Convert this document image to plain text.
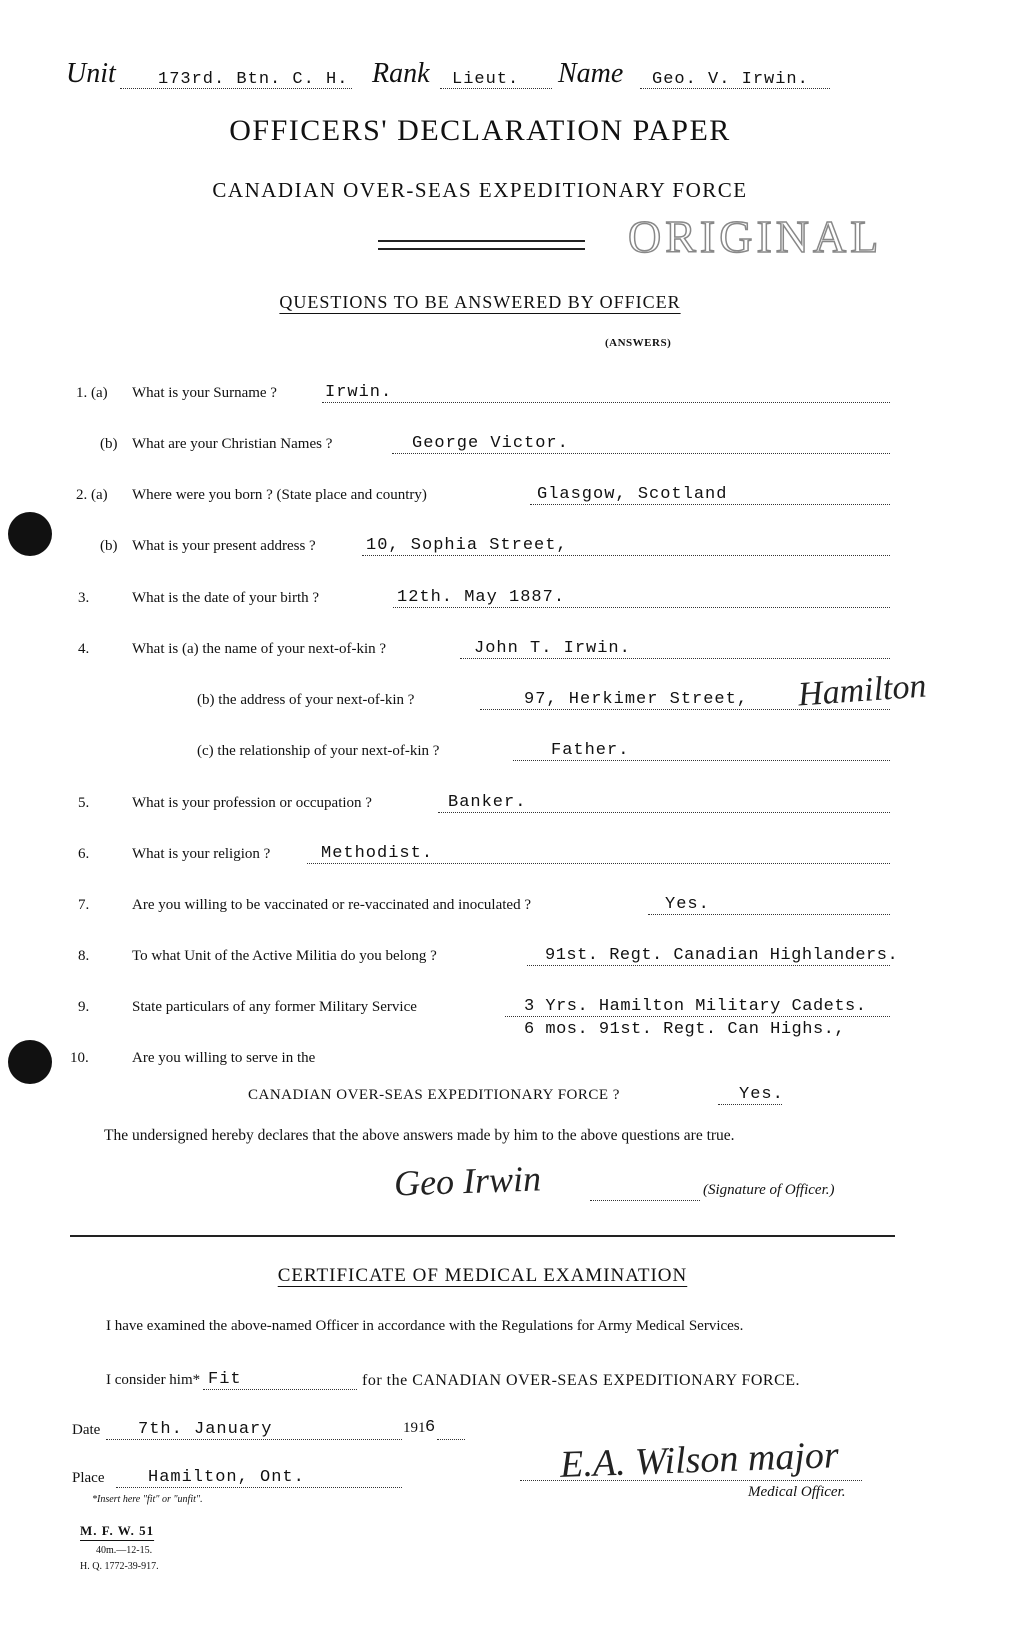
Unit 173rd. Btn. C. H. Rank Lieut. Name Geo. V. Irwin.
OFFICERS' DECLARATION PAPER
CANADIAN OVER-SEAS EXPEDITIONARY FORCE
ORIGINAL
QUESTIONS TO BE ANSWERED BY OFFICER
(ANSWERS)
1. (a) What is your Surname ?	Irwin.
(b) What are your Christian Names ?	George Victor.
2. (a) Where were you born ? (State place and country)	Glasgow, Scotland
(b) What is your present address ?	10, Sophia Street,
3.	What is the date of your birth ?	12th. May 1887.
4.	What is (a) the name of your next-of-kin ?	John T. Irwin.
(b) the address of your next-of-kin ?	97, Herkimer Street, Hamilton
(c) the relationship of your next-of-kin ?	Father.
5.	What is your profession or occupation ?	Banker.
6.	What is your religion ?	Methodist.
7.	Are you willing to be vaccinated or re-vaccinated and inoculated ?	Yes.
8.	To what Unit of the Active Militia do you belong ?	91st. Regt. Canadian Highlanders.
9.	State particulars of any former Military Service	3 Yrs. Hamilton Military Cadets.
6 mos. 91st. Regt. Can Highs.,
10.	Are you willing to serve in the
CANADIAN OVER-SEAS EXPEDITIONARY FORCE ?	Yes.
The undersigned hereby declares that the above answers made by him to the above questions are true.
Geo Irwin	(Signature of Officer.)
CERTIFICATE OF MEDICAL EXAMINATION
I have examined the above-named Officer in accordance with the Regulations for Army Medical Services.
I consider him* Fit	for the CANADIAN OVER-SEAS EXPEDITIONARY FORCE.
Date 7th. January	191 6
Place	Hamilton, Ont.
*Insert here "fit" or "unfit".
E.A. Wilson major
Medical Officer.
M. F. W. 51
40m.—12-15.
H. Q. 1772-39-917.
